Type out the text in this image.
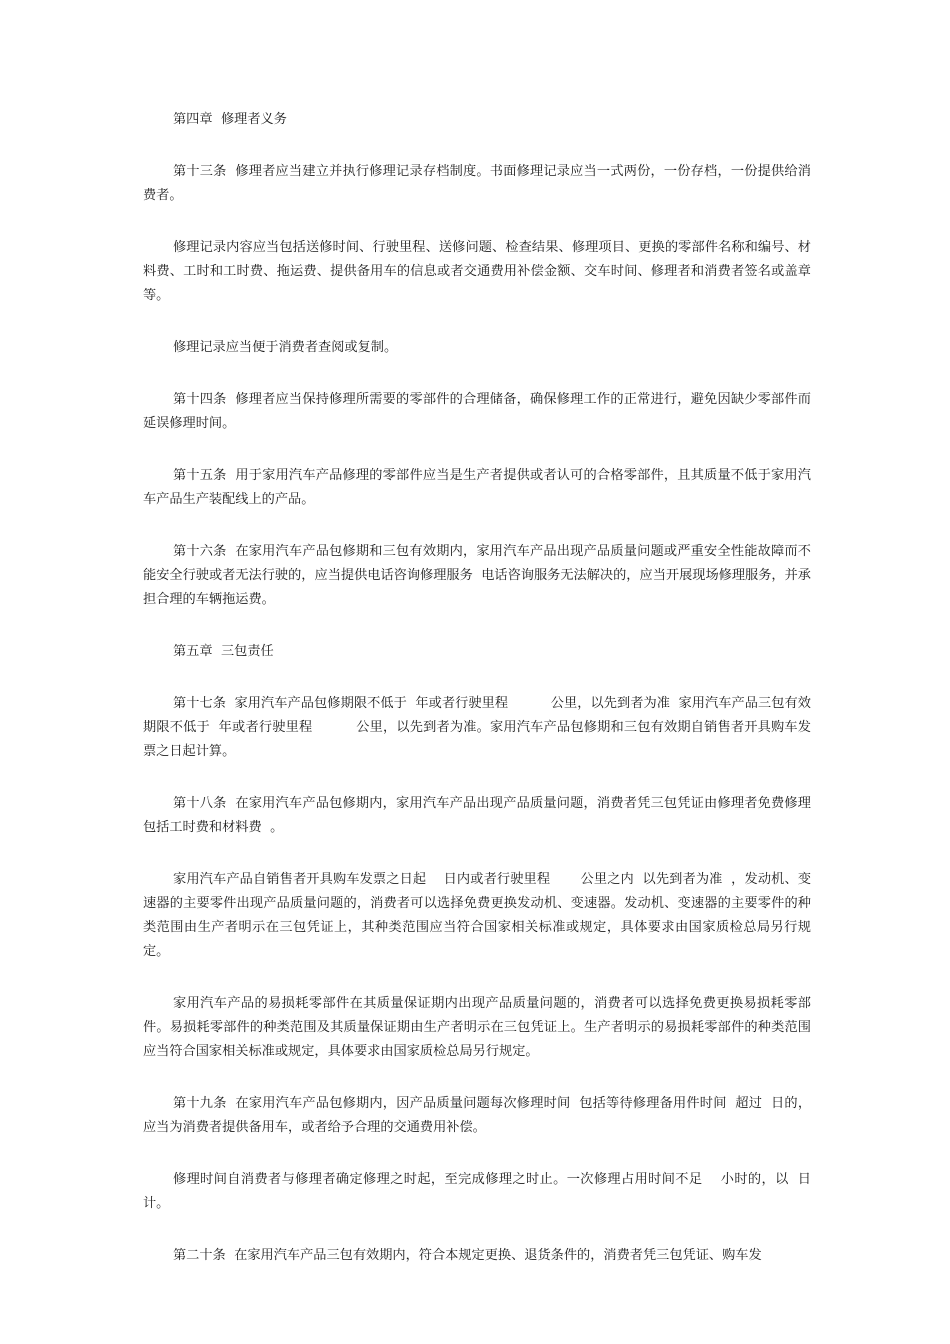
第四章  修理者义务

第十三条  修理者应当建立并执行修理记录存档制度。书面修理记录应当一式两份，一份存档，一份提供给消费者。

修理记录内容应当包括送修时间、行驶里程、送修问题、检查结果、修理项目、更换的零部件名称和编号、材料费、工时和工时费、拖运费、提供备用车的信息或者交通费用补偿金额、交车时间、修理者和消费者签名或盖章等。

修理记录应当便于消费者查阅或复制。

第十四条  修理者应当保持修理所需要的零部件的合理储备，确保修理工作的正常进行，避免因缺少零部件而延误修理时间。

第十五条  用于家用汽车产品修理的零部件应当是生产者提供或者认可的合格零部件，且其质量不低于家用汽车产品生产装配线上的产品。

第十六条  在家用汽车产品包修期和三包有效期内，家用汽车产品出现产品质量问题或严重安全性能故障而不能安全行驶或者无法行驶的，应当提供电话咨询修理服务  电话咨询服务无法解决的，应当开展现场修理服务，并承担合理的车辆拖运费。

第五章  三包责任

第十七条  家用汽车产品包修期限不低于  年或者行驶里程          公里，以先到者为准  家用汽车产品三包有效期限不低于  年或者行驶里程          公里，以先到者为准。家用汽车产品包修期和三包有效期自销售者开具购车发票之日起计算。

第十八条  在家用汽车产品包修期内，家用汽车产品出现产品质量问题，消费者凭三包凭证由修理者免费修理  包括工时费和材料费  。

家用汽车产品自销售者开具购车发票之日起    日内或者行驶里程       公里之内  以先到者为准  ，发动机、变速器的主要零件出现产品质量问题的，消费者可以选择免费更换发动机、变速器。发动机、变速器的主要零件的种类范围由生产者明示在三包凭证上，其种类范围应当符合国家相关标准或规定，具体要求由国家质检总局另行规定。

家用汽车产品的易损耗零部件在其质量保证期内出现产品质量问题的，消费者可以选择免费更换易损耗零部件。易损耗零部件的种类范围及其质量保证期由生产者明示在三包凭证上。生产者明示的易损耗零部件的种类范围应当符合国家相关标准或规定，具体要求由国家质检总局另行规定。

第十九条  在家用汽车产品包修期内，因产品质量问题每次修理时间  包括等待修理备用件时间  超过  日的，应当为消费者提供备用车，或者给予合理的交通费用补偿。

修理时间自消费者与修理者确定修理之时起，至完成修理之时止。一次修理占用时间不足    小时的，以  日计。

第二十条  在家用汽车产品三包有效期内，符合本规定更换、退货条件的，消费者凭三包凭证、购车发
